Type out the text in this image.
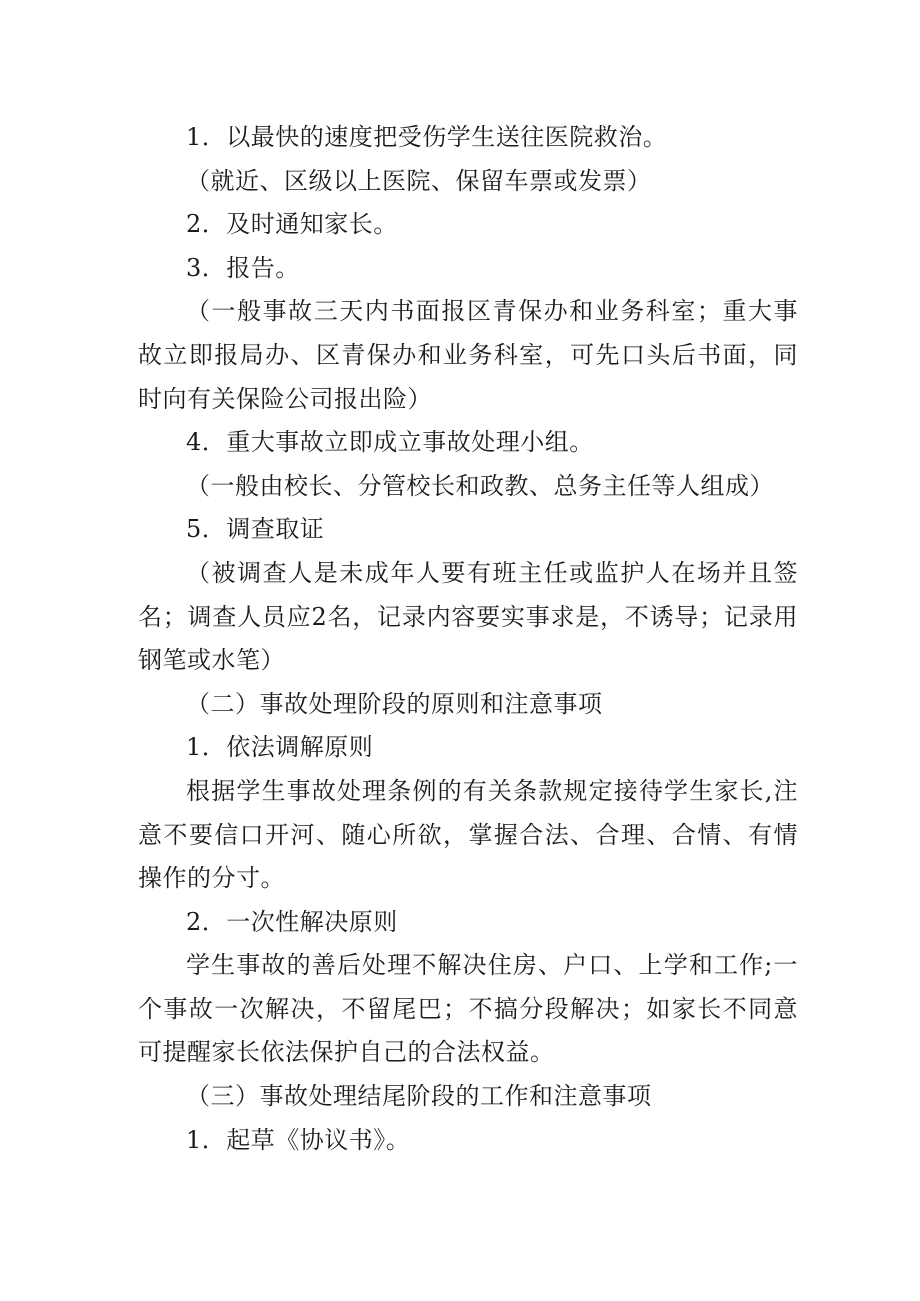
1．以最快的速度把受伤学生送往医院救治。

（就近、区级以上医院、保留车票或发票）

2．及时通知家长。

3．报告。

（一般事故三天内书面报区青保办和业务科室；重大事故立即报局办、区青保办和业务科室，可先口头后书面，同时向有关保险公司报出险）

4．重大事故立即成立事故处理小组。

（一般由校长、分管校长和政教、总务主任等人组成）

5．调查取证

（被调查人是未成年人要有班主任或监护人在场并且签名；调查人员应2名，记录内容要实事求是，不诱导；记录用钢笔或水笔）

（二）事故处理阶段的原则和注意事项

1．依法调解原则

根据学生事故处理条例的有关条款规定接待学生家长,注意不要信口开河、随心所欲，掌握合法、合理、合情、有情操作的分寸。

2．一次性解决原则

学生事故的善后处理不解决住房、户口、上学和工作;一个事故一次解决，不留尾巴；不搞分段解决；如家长不同意可提醒家长依法保护自己的合法权益。

（三）事故处理结尾阶段的工作和注意事项

1．起草《协议书》。
